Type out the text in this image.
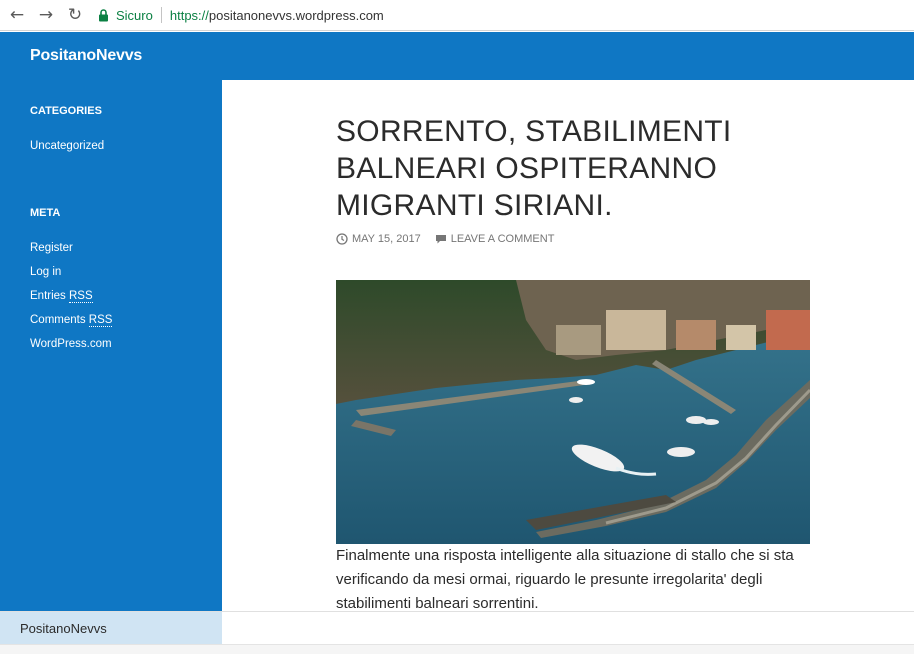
← → ↻	Sicuro https://positanonevvs.wordpress.com
PositanoNevvs
CATEGORIES
Uncategorized
META
Register
Log in
Entries RSS
Comments RSS
WordPress.com
SORRENTO, STABILIMENTI BALNEARI OSPITERANNO MIGRANTI SIRIANI.
MAY 15, 2017	LEAVE A COMMENT

Finalmente una risposta intelligente alla situazione di stallo che si sta verificando da mesi ormai, riguardo le presunte irregolarita' degli stabilimenti balneari sorrentini.

PositanoNevvs
